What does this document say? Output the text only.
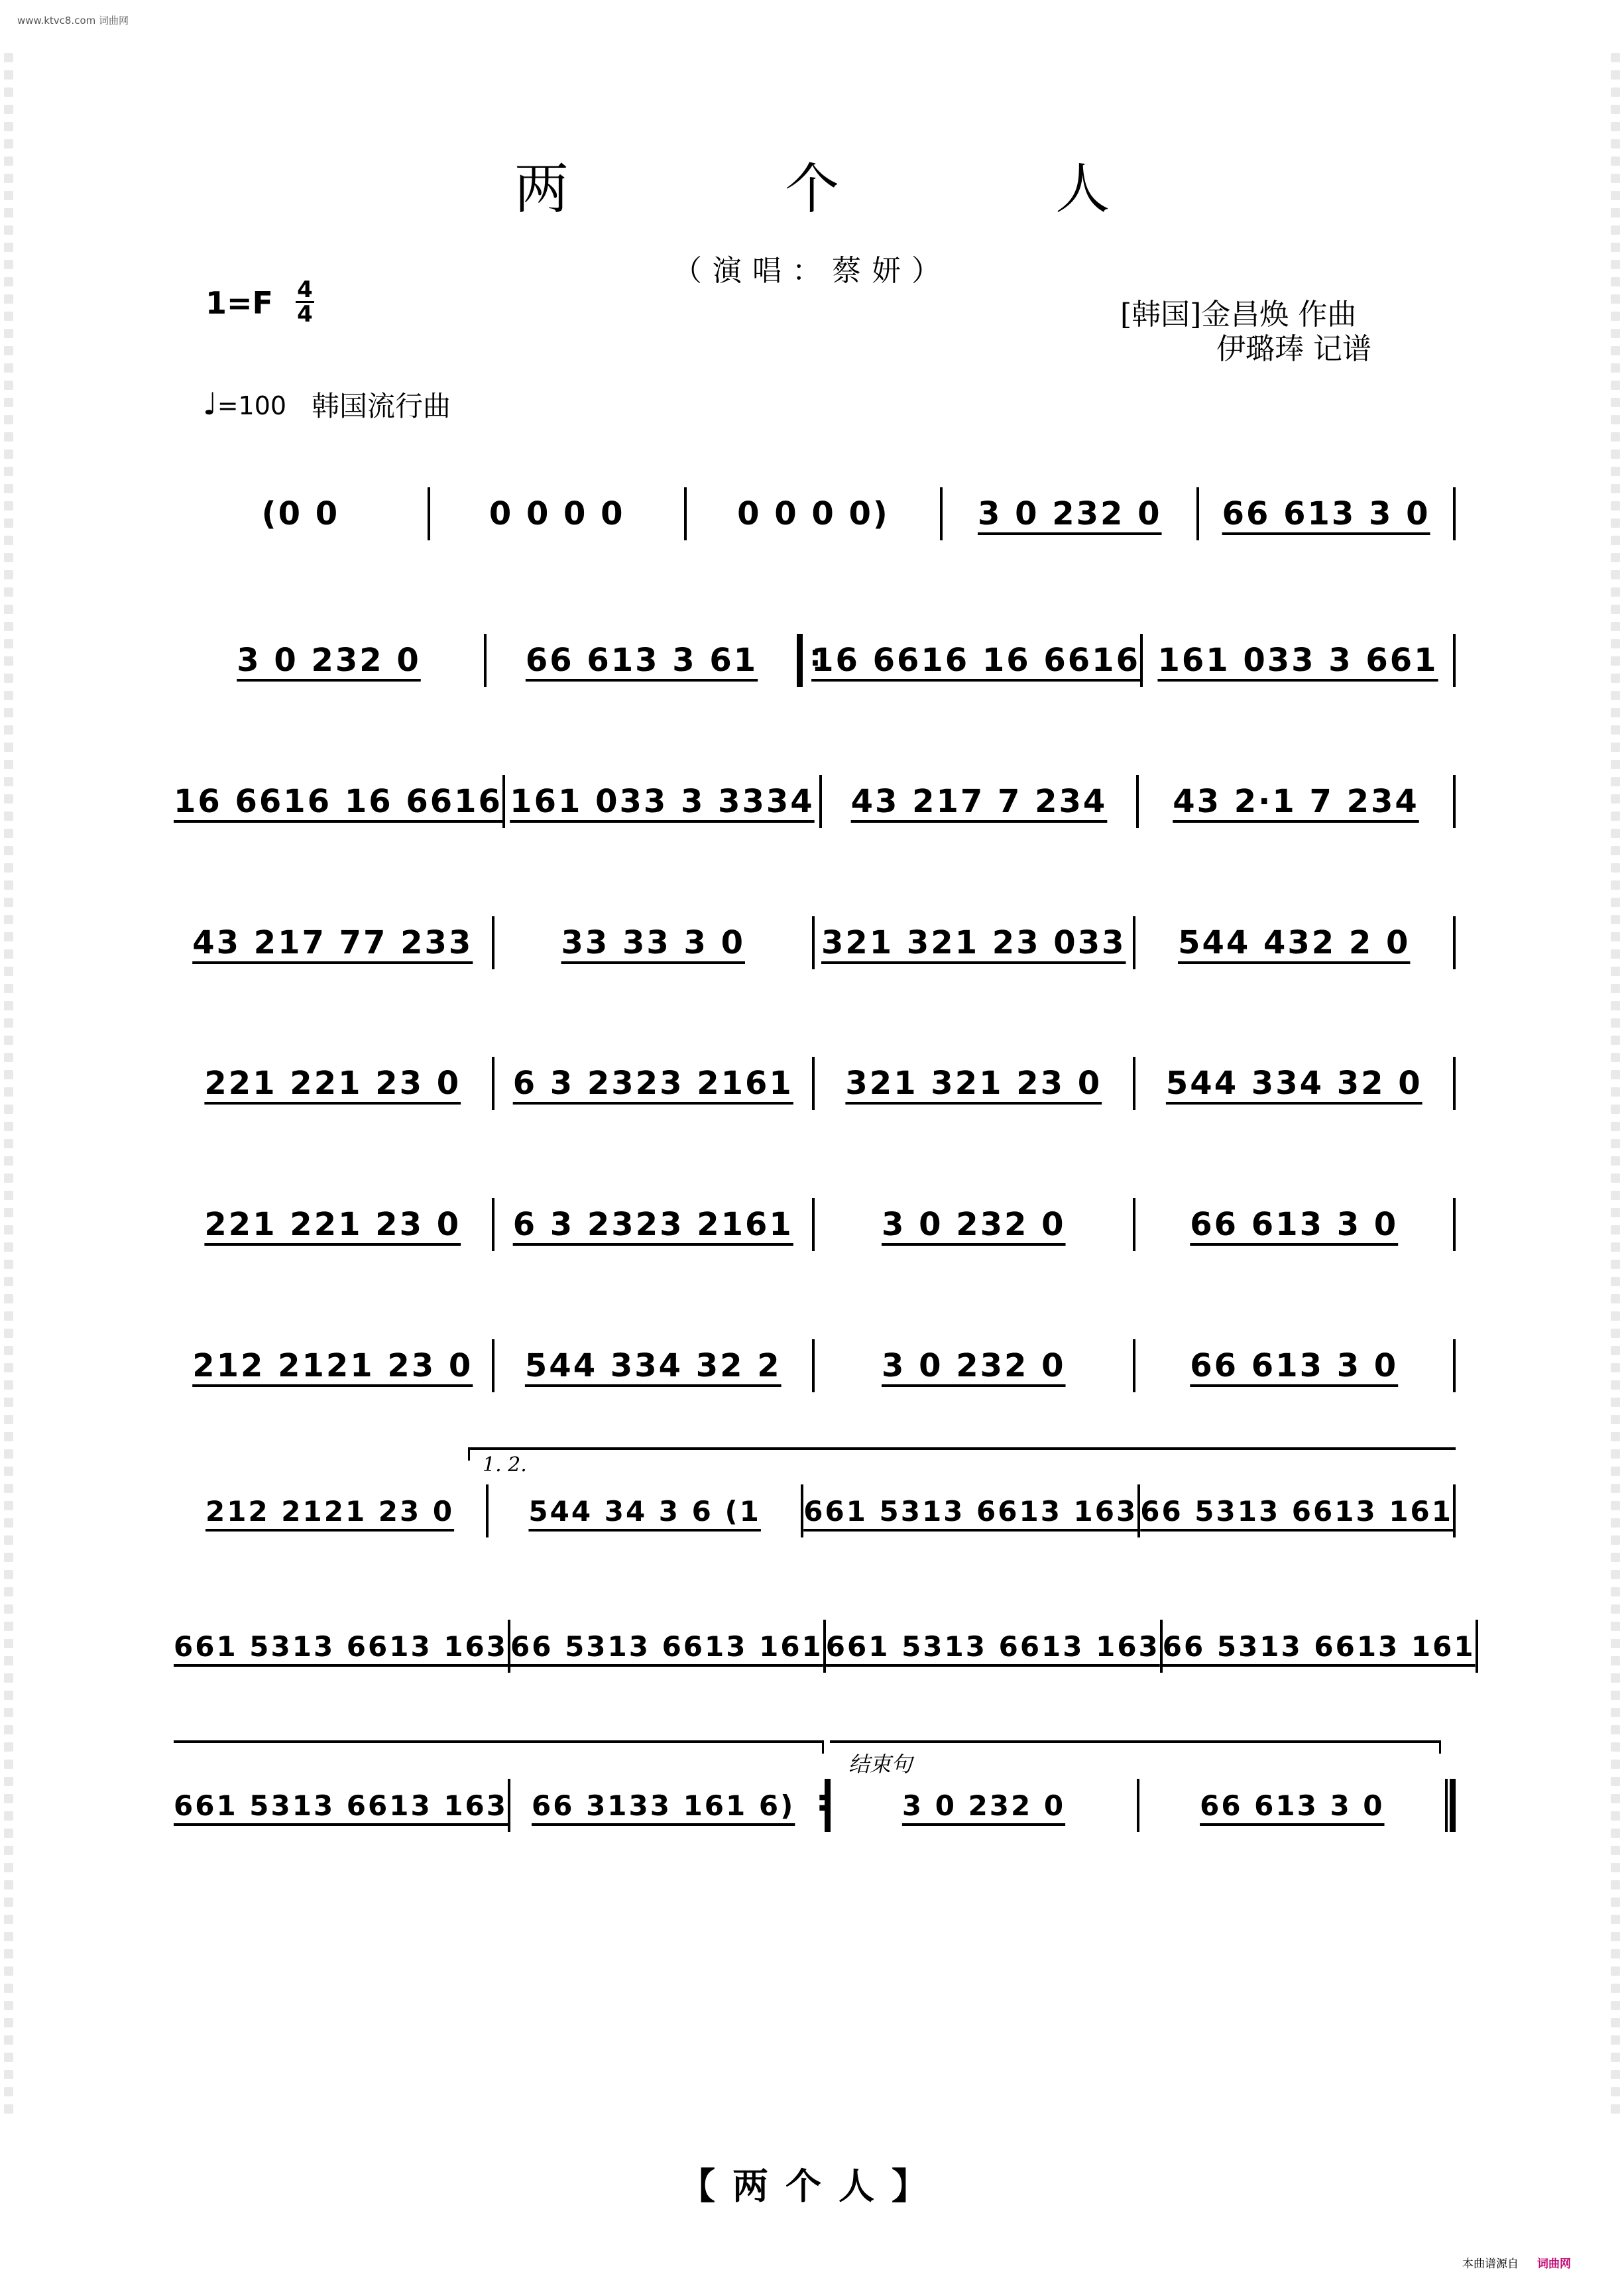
www.ktvc8.com 词曲网
两 个 人
（演唱：蔡妍）
1=F 4
4	[韩国]金昌焕 作曲
伊璐琫 记谱
♩=100 韩国流行曲
(0 0	0 0 0 0	0 0 0 0)	3 0 232 0 66 613 3 0
3 0 232 0	66 613 3 61 : 16 6616 16 6616 161 033 3 661
16 6616 16 6616 161 033 3 3334 43 217 7 234 43 2·1 7 234
43 217 77 233	33 33 3 0 321 321 23 033 544 432 2 0
221 221 23 0 6 3 2323 2161 321 321 23 0 544 334 32 0
221 221 23 0 6 3 2323 2161	3 0 232 0	66 613 3 0
212 2121 23 0 544 334 32 2	3 0 232 0	66 613 3 0
1. 2.
212 2121 23 0	544 34 3 6 (1 661 5313 6613 163 66 5313 6613 161
661 5313 6613 163 66 5313 6613 161 661 5313 6613 163 66 5313 6613 161
结束句
661 5313 6613 163 66 3133 161 6) :	3 0 232 0	66 613 3 0
【两个人】
本曲谱源自 词曲网
